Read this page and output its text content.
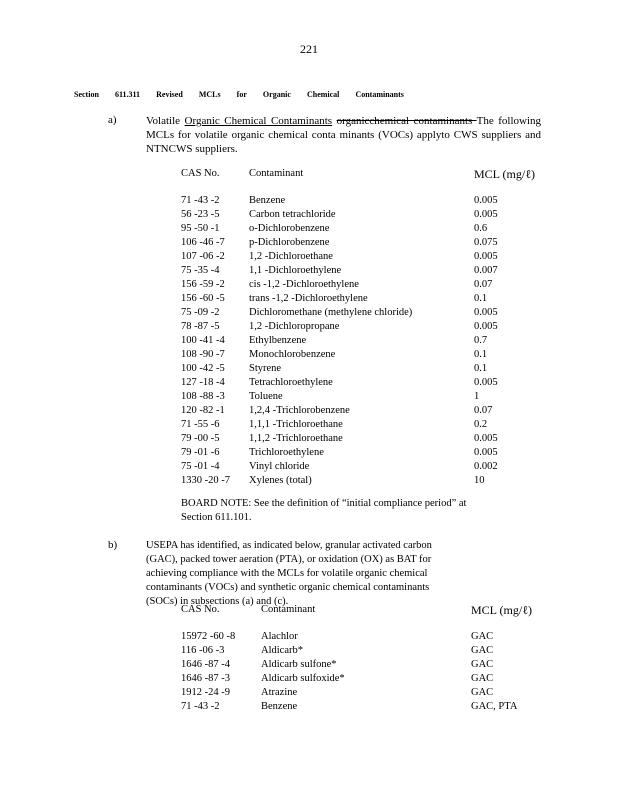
221
Section 611.311 Revised MCLs for Organic Chemical Contaminants
a)	Volatile Organic Chemical Contaminants organicchemical contaminants The following MCLs for volatile organic chemical conta minants (VOCs) applyto CWS suppliers and NTNCWS suppliers.
CAS No.	Contaminant	MCL (mg/ℓ)
71 -43 -2	Benzene	0.005
56 -23 -5	Carbon tetrachloride	0.005
95 -50 -1	o-Dichlorobenzene	0.6
106 -46 -7	p-Dichlorobenzene	0.075
107 -06 -2	1,2 -Dichloroethane	0.005
75 -35 -4	1,1 -Dichloroethylene	0.007
156 -59 -2	cis -1,2 -Dichloroethylene	0.07
156 -60 -5	trans -1,2 -Dichloroethylene	0.1
75 -09 -2	Dichloromethane (methylene chloride)	0.005
78 -87 -5	1,2 -Dichloropropane	0.005
100 -41 -4	Ethylbenzene	0.7
108 -90 -7	Monochlorobenzene	0.1
100 -42 -5	Styrene	0.1
127 -18 -4	Tetrachloroethylene	0.005
108 -88 -3	Toluene	1
120 -82 -1	1,2,4 -Trichlorobenzene	0.07
71 -55 -6	1,1,1 -Trichloroethane	0.2
79 -00 -5	1,1,2 -Trichloroethane	0.005
79 -01 -6	Trichloroethylene	0.005
75 -01 -4	Vinyl chloride	0.002
1330 -20 -7	Xylenes (total)	10
BOARD NOTE: See the definition of “initial compliance period” at Section 611.101.
b)	USEPA has identified, as indicated below, granular activated carbon (GAC), packed tower aeration (PTA), or oxidation (OX) as BAT for achieving compliance with the MCLs for volatile organic chemical contaminants (VOCs) and synthetic organic chemical contaminants (SOCs) in subsections (a) and (c).
CAS No.	Contaminant	MCL (mg/ℓ)
15972 -60 -8	Alachlor	GAC
116 -06 -3	Aldicarb*	GAC
1646 -87 -4	Aldicarb sulfone*	GAC
1646 -87 -3	Aldicarb sulfoxide*	GAC
1912 -24 -9	Atrazine	GAC
71 -43 -2	Benzene	GAC, PTA
